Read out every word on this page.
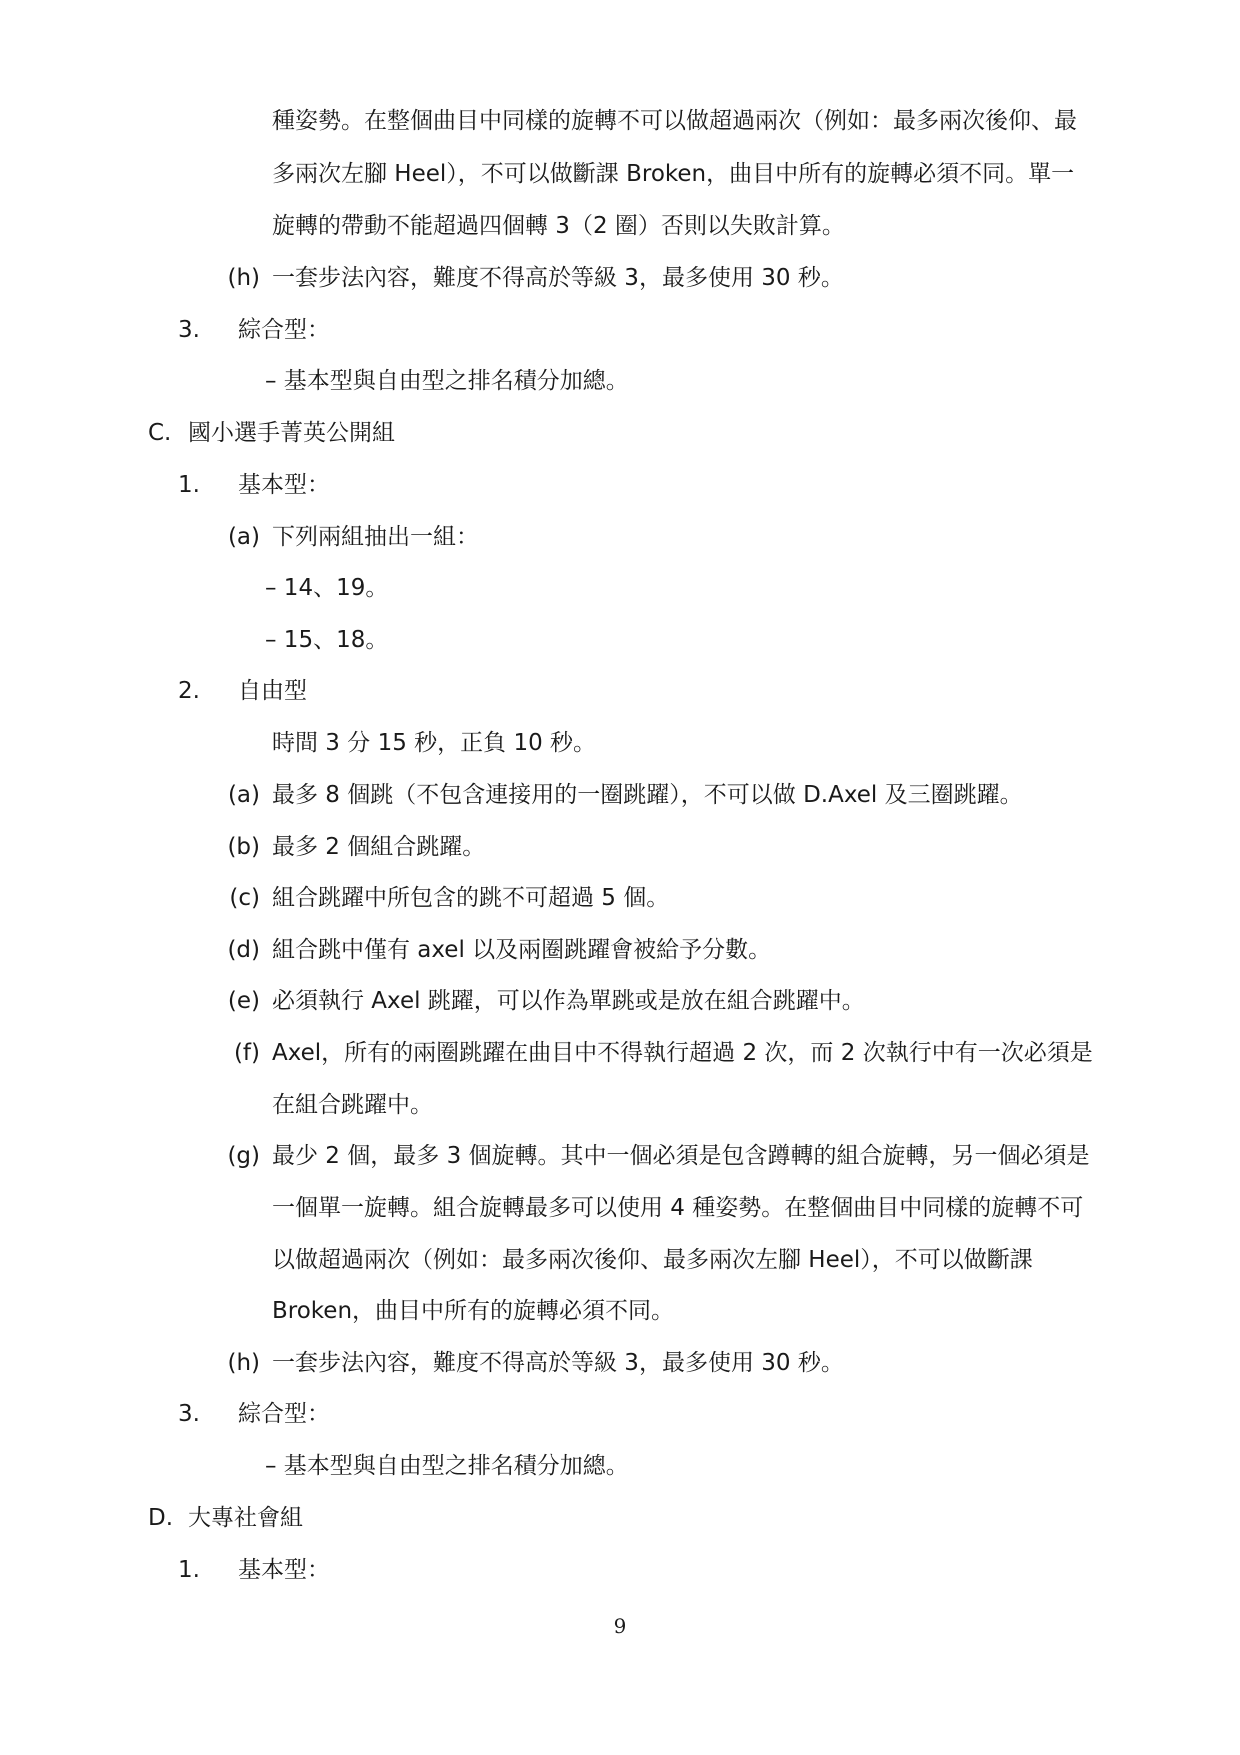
種姿勢。在整個曲目中同樣的旋轉不可以做超過兩次（例如：最多兩次後仰、最
多兩次左腳 Heel），不可以做斷課 Broken，曲目中所有的旋轉必須不同。單一
旋轉的帶動不能超過四個轉 3（2 圈）否則以失敗計算。
(h) 一套步法內容，難度不得高於等級 3，最多使用 30 秒。
3. 綜合型：
– 基本型與自由型之排名積分加總。
C. 國小選手菁英公開組
1. 基本型：
(a) 下列兩組抽出一組：
– 14、19。
– 15、18。
2. 自由型
時間 3 分 15 秒，正負 10 秒。
(a) 最多 8 個跳（不包含連接用的一圈跳躍），不可以做 D.Axel 及三圈跳躍。
(b) 最多 2 個組合跳躍。
(c) 組合跳躍中所包含的跳不可超過 5 個。
(d) 組合跳中僅有 axel 以及兩圈跳躍會被給予分數。
(e) 必須執行 Axel 跳躍，可以作為單跳或是放在組合跳躍中。
(f) Axel，所有的兩圈跳躍在曲目中不得執行超過 2 次，而 2 次執行中有一次必須是
在組合跳躍中。
(g) 最少 2 個，最多 3 個旋轉。其中一個必須是包含蹲轉的組合旋轉，另一個必須是
一個單一旋轉。組合旋轉最多可以使用 4 種姿勢。在整個曲目中同樣的旋轉不可
以做超過兩次（例如：最多兩次後仰、最多兩次左腳 Heel），不可以做斷課
Broken，曲目中所有的旋轉必須不同。
(h) 一套步法內容，難度不得高於等級 3，最多使用 30 秒。
3. 綜合型：
– 基本型與自由型之排名積分加總。
D. 大專社會組
1. 基本型：
9
